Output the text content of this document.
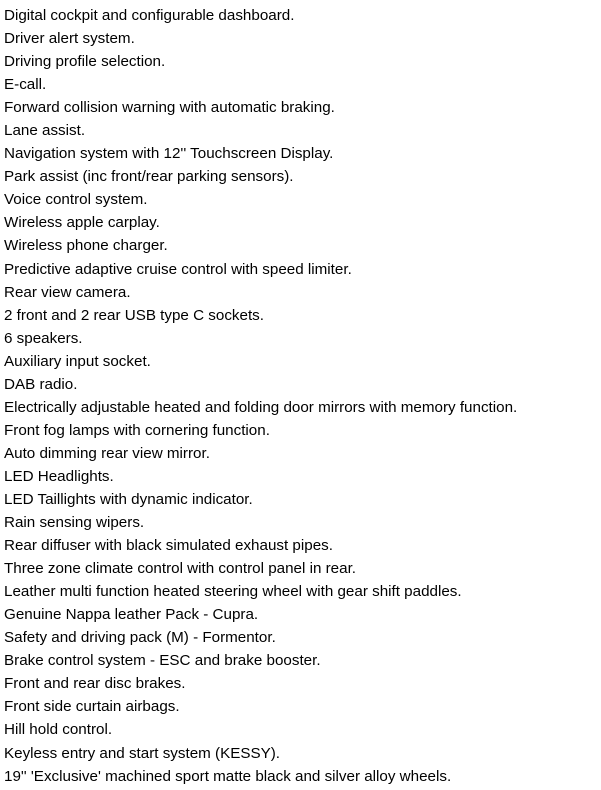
Digital cockpit and configurable dashboard.
Driver alert system.
Driving profile selection.
E-call.
Forward collision warning with automatic braking.
Lane assist.
Navigation system with 12'' Touchscreen Display.
Park assist (inc front/rear parking sensors).
Voice control system.
Wireless apple carplay.
Wireless phone charger.
Predictive adaptive cruise control with speed limiter.
Rear view camera.
2 front and 2 rear USB type C sockets.
6 speakers.
Auxiliary input socket.
DAB radio.
Electrically adjustable heated and folding door mirrors with memory function.
Front fog lamps with cornering function.
Auto dimming rear view mirror.
LED Headlights.
LED Taillights with dynamic indicator.
Rain sensing wipers.
Rear diffuser with black simulated exhaust pipes.
Three zone climate control with control panel in rear.
Leather multi function heated steering wheel with gear shift paddles.
Genuine Nappa leather Pack - Cupra.
Safety and driving pack (M) - Formentor.
Brake control system - ESC and brake booster.
Front and rear disc brakes.
Front side curtain airbags.
Hill hold control.
Keyless entry and start system (KESSY).
19'' 'Exclusive' machined sport matte black and silver alloy wheels.
